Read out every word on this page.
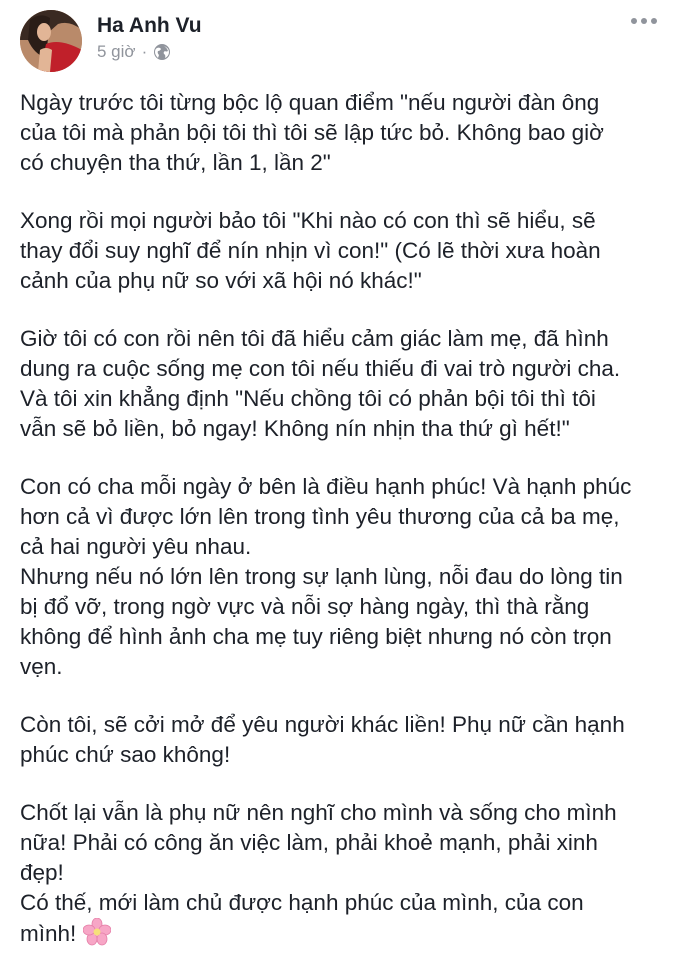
Ha Anh Vu
5 giờ ·

Ngày trước tôi từng bộc lộ quan điểm "nếu người đàn ông
của tôi mà phản bội tôi thì tôi sẽ lập tức bỏ. Không bao giờ
có chuyện tha thứ, lần 1, lần 2"

Xong rồi mọi người bảo tôi "Khi nào có con thì sẽ hiểu, sẽ
thay đổi suy nghĩ để nín nhịn vì con!" (Có lẽ thời xưa hoàn
cảnh của phụ nữ so với xã hội nó khác!"

Giờ tôi có con rồi nên tôi đã hiểu cảm giác làm mẹ, đã hình
dung ra cuộc sống mẹ con tôi nếu thiếu đi vai trò người cha.
Và tôi xin khẳng định "Nếu chồng tôi có phản bội tôi thì tôi
vẫn sẽ bỏ liền, bỏ ngay! Không nín nhịn tha thứ gì hết!"

Con có cha mỗi ngày ở bên là điều hạnh phúc! Và hạnh phúc
hơn cả vì được lớn lên trong tình yêu thương của cả ba mẹ,
cả hai người yêu nhau.
Nhưng nếu nó lớn lên trong sự lạnh lùng, nỗi đau do lòng tin
bị đổ vỡ, trong ngờ vực và nỗi sợ hàng ngày, thì thà rằng
không để hình ảnh cha mẹ tuy riêng biệt nhưng nó còn trọn
vẹn.

Còn tôi, sẽ cởi mở để yêu người khác liền! Phụ nữ cần hạnh
phúc chứ sao không!

Chốt lại vẫn là phụ nữ nên nghĩ cho mình và sống cho mình
nữa! Phải có công ăn việc làm, phải khoẻ mạnh, phải xinh
đẹp!
Có thế, mới làm chủ được hạnh phúc của mình, của con
mình!
